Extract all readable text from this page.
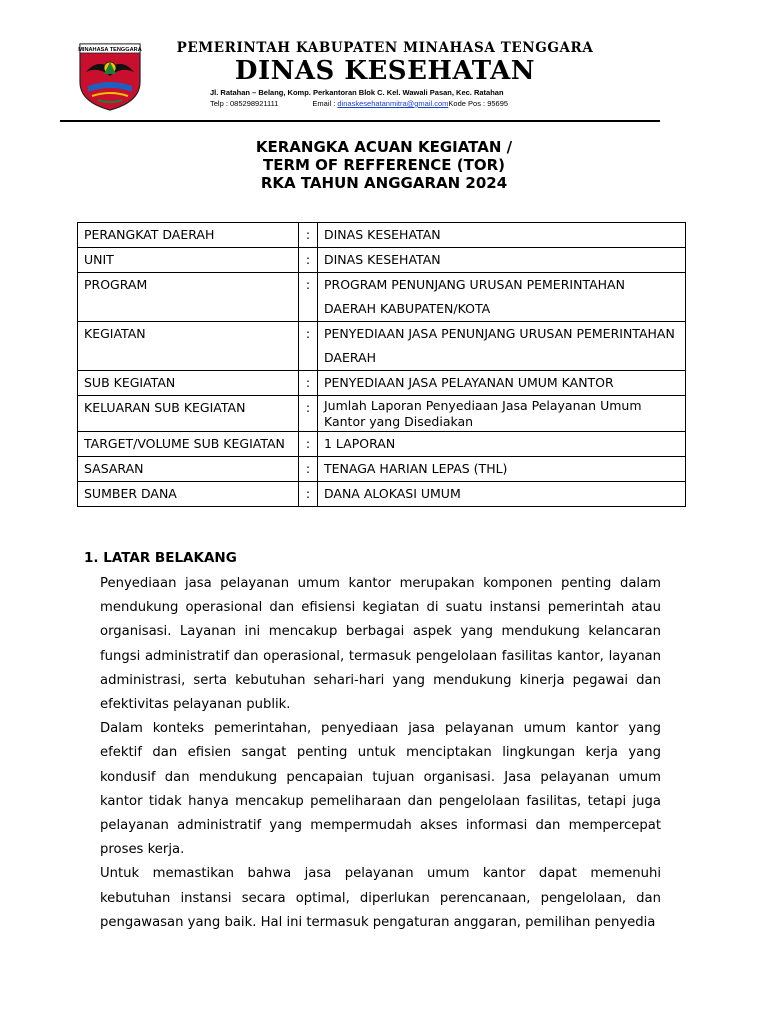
MINAHASA TENGGARA	PEMERINTAH KABUPATEN MINAHASA TENGGARA
DINAS KESEHATAN
Jl. Ratahan – Belang, Komp. Perkantoran Blok C. Kel. Wawali Pasan, Kec. Ratahan
Telp : 085298921111	Email : dinaskesehatanmitra@gmail.comKode Pos : 95695
KERANGKA ACUAN KEGIATAN /
TERM OF REFFERENCE (TOR)
RKA TAHUN ANGGARAN 2024
PERANGKAT DAERAH	:	DINAS KESEHATAN
UNIT	:	DINAS KESEHATAN
PROGRAM	:	PROGRAM PENUNJANG URUSAN PEMERINTAHAN DAERAH KABUPATEN/KOTA
KEGIATAN	:	PENYEDIAAN JASA PENUNJANG URUSAN PEMERINTAHAN DAERAH
SUB KEGIATAN	:	PENYEDIAAN JASA PELAYANAN UMUM KANTOR
KELUARAN SUB KEGIATAN	:	Jumlah Laporan Penyediaan Jasa Pelayanan Umum Kantor yang Disediakan
TARGET/VOLUME SUB KEGIATAN	:	1 LAPORAN
SASARAN	:	TENAGA HARIAN LEPAS (THL)
SUMBER DANA	:	DANA ALOKASI UMUM
1. LATAR BELAKANG

Penyediaan jasa pelayanan umum kantor merupakan komponen penting dalam mendukung operasional dan efisiensi kegiatan di suatu instansi pemerintah atau organisasi. Layanan ini mencakup berbagai aspek yang mendukung kelancaran fungsi administratif dan operasional, termasuk pengelolaan fasilitas kantor, layanan administrasi, serta kebutuhan sehari-hari yang mendukung kinerja pegawai dan efektivitas pelayanan publik.

Dalam konteks pemerintahan, penyediaan jasa pelayanan umum kantor yang efektif dan efisien sangat penting untuk menciptakan lingkungan kerja yang kondusif dan mendukung pencapaian tujuan organisasi. Jasa pelayanan umum kantor tidak hanya mencakup pemeliharaan dan pengelolaan fasilitas, tetapi juga pelayanan administratif yang mempermudah akses informasi dan mempercepat proses kerja.

Untuk memastikan bahwa jasa pelayanan umum kantor dapat memenuhi kebutuhan instansi secara optimal, diperlukan perencanaan, pengelolaan, dan pengawasan yang baik. Hal ini termasuk pengaturan anggaran, pemilihan penyedia
